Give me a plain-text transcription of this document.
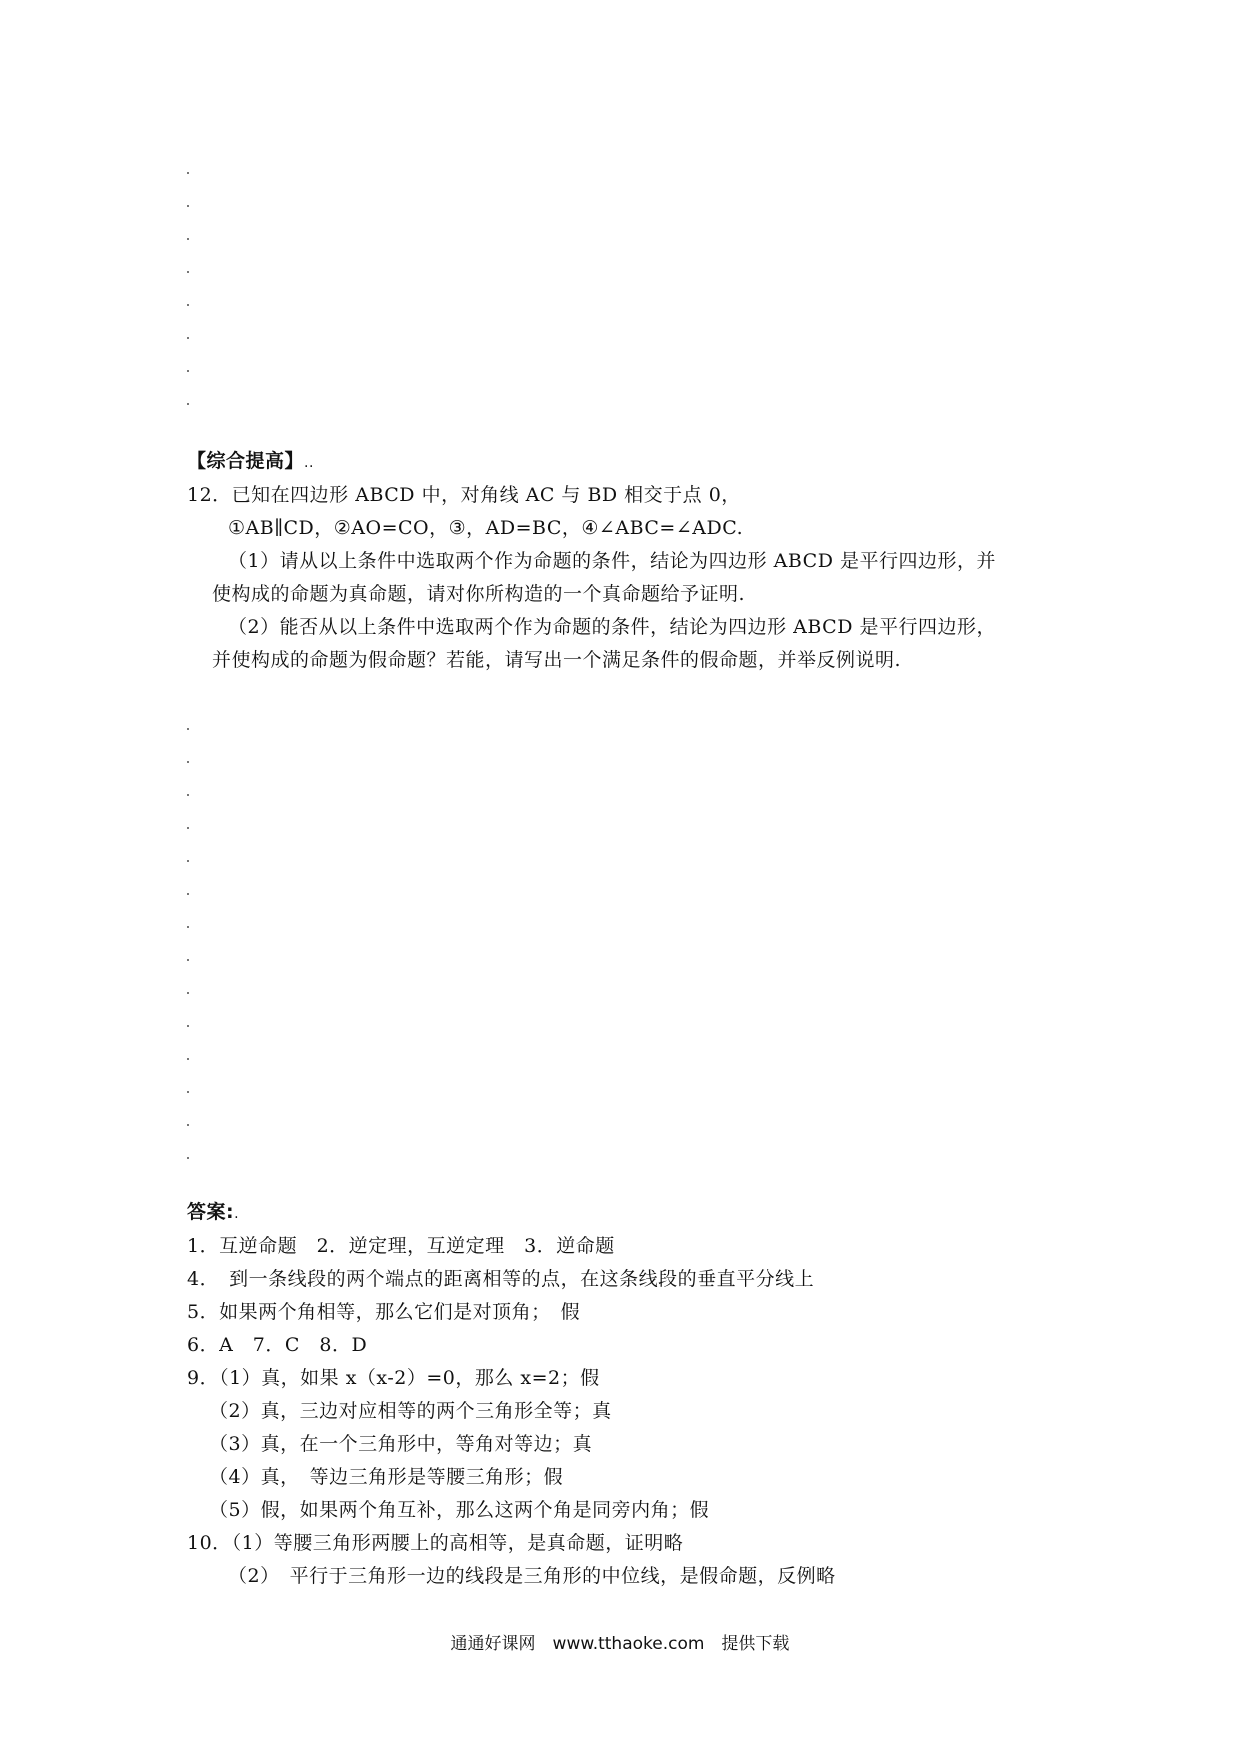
【综合提高】..
12．已知在四边形 ABCD 中，对角线 AC 与 BD 相交于点 0，
①AB∥CD，②AO=CO，③，AD=BC，④∠ABC=∠ADC.
（1）请从以上条件中选取两个作为命题的条件，结论为四边形 ABCD 是平行四边形，并
使构成的命题为真命题，请对你所构造的一个真命题给予证明.
（2）能否从以上条件中选取两个作为命题的条件，结论为四边形 ABCD 是平行四边形，
并使构成的命题为假命题？若能，请写出一个满足条件的假命题，并举反例说明.
答案:.
1．互逆命题　2．逆定理，互逆定理　3．逆命题
4．　到一条线段的两个端点的距离相等的点，在这条线段的垂直平分线上
5．如果两个角相等，那么它们是对顶角；　假
6．A　7．C　8．D
9．（1）真，如果 x（x-2）=0，那么 x=2；假
（2）真，三边对应相等的两个三角形全等；真
（3）真，在一个三角形中，等角对等边；真
（4）真，　等边三角形是等腰三角形；假
（5）假，如果两个角互补，那么这两个角是同旁内角；假
10．（1）等腰三角形两腰上的高相等，是真命题，证明略
（2）　平行于三角形一边的线段是三角形的中位线，是假命题，反例略
通通好课网　www.tthaoke.com　提供下载
